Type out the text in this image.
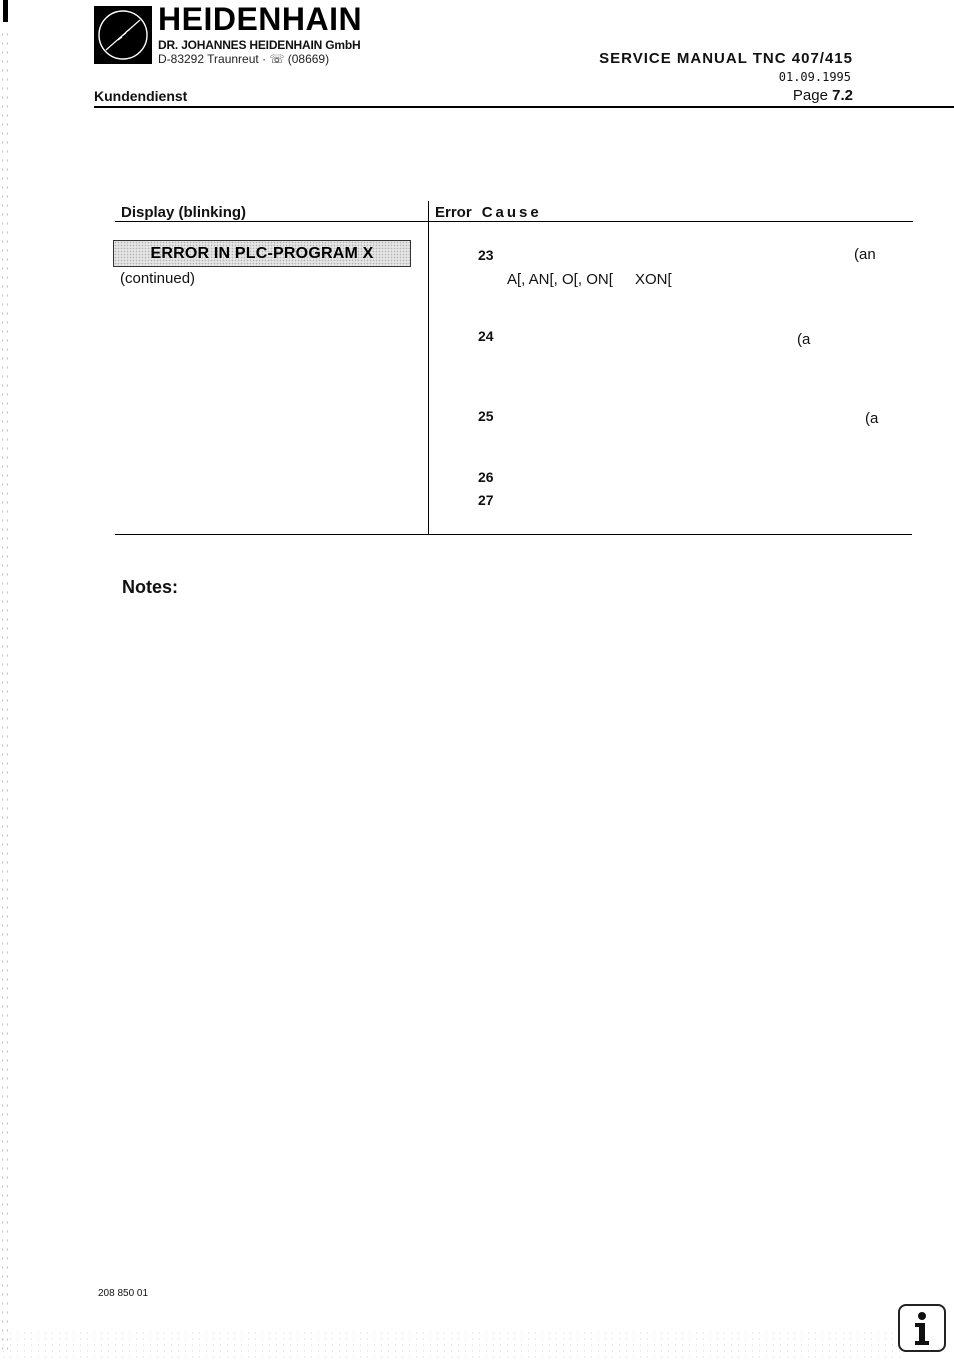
HEIDENHAIN
DR. JOHANNES HEIDENHAIN GmbH
D-83292 Traunreut · ☏ (08669)	SERVICE MANUAL TNC 407/415
01.09.1995
Kundendienst	Page 7.2
Display (blinking)	Error Cause
ERROR IN PLC-PROGRAM X
(continued)
23	(an
A[, AN[, O[, ON[ XON[
24	(a
25	(a
26
27
Notes:
208 850 01
